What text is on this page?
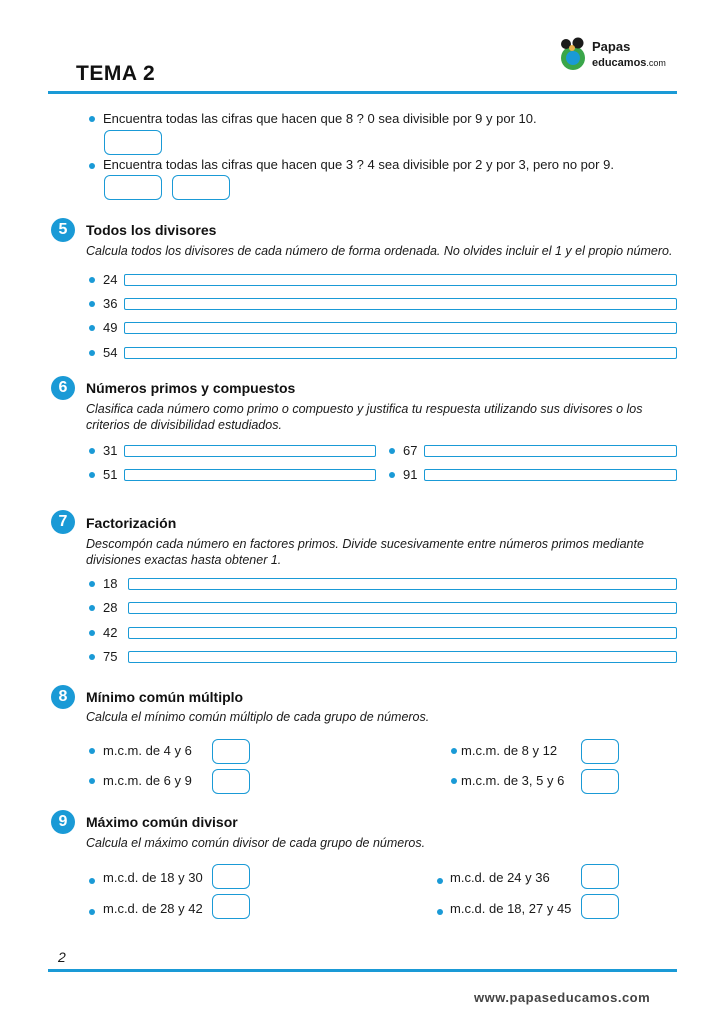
TEMA 2
Papas
educamos.com
Encuentra todas las cifras que hacen que 8 ? 0 sea divisible por 9 y por 10.
Encuentra todas las cifras que hacen que 3 ? 4 sea divisible por 2 y por 3, pero no por 9.
5	Todos los divisores
Calcula todos los divisores de cada número de forma ordenada. No olvides incluir el 1 y el propio número.
24
36
49
54
6	Números primos y compuestos
Clasifica cada número como primo o compuesto y justifica tu respuesta utilizando sus divisores o los
criterios de divisibilidad estudiados.
31	67
51	91
7	Factorización
Descompón cada número en factores primos. Divide sucesivamente entre números primos mediante
divisiones exactas hasta obtener 1.
18
28
42
75
8	Mínimo común múltiplo
Calcula el mínimo común múltiplo de cada grupo de números.
m.c.m. de 4 y 6	m.c.m. de 8 y 12
m.c.m. de 6 y 9	m.c.m. de 3, 5 y 6
9	Máximo común divisor
Calcula el máximo común divisor de cada grupo de números.
m.c.d. de 18 y 30	m.c.d. de 24 y 36
m.c.d. de 28 y 42	m.c.d. de 18, 27 y 45
2
www.papaseducamos.com
